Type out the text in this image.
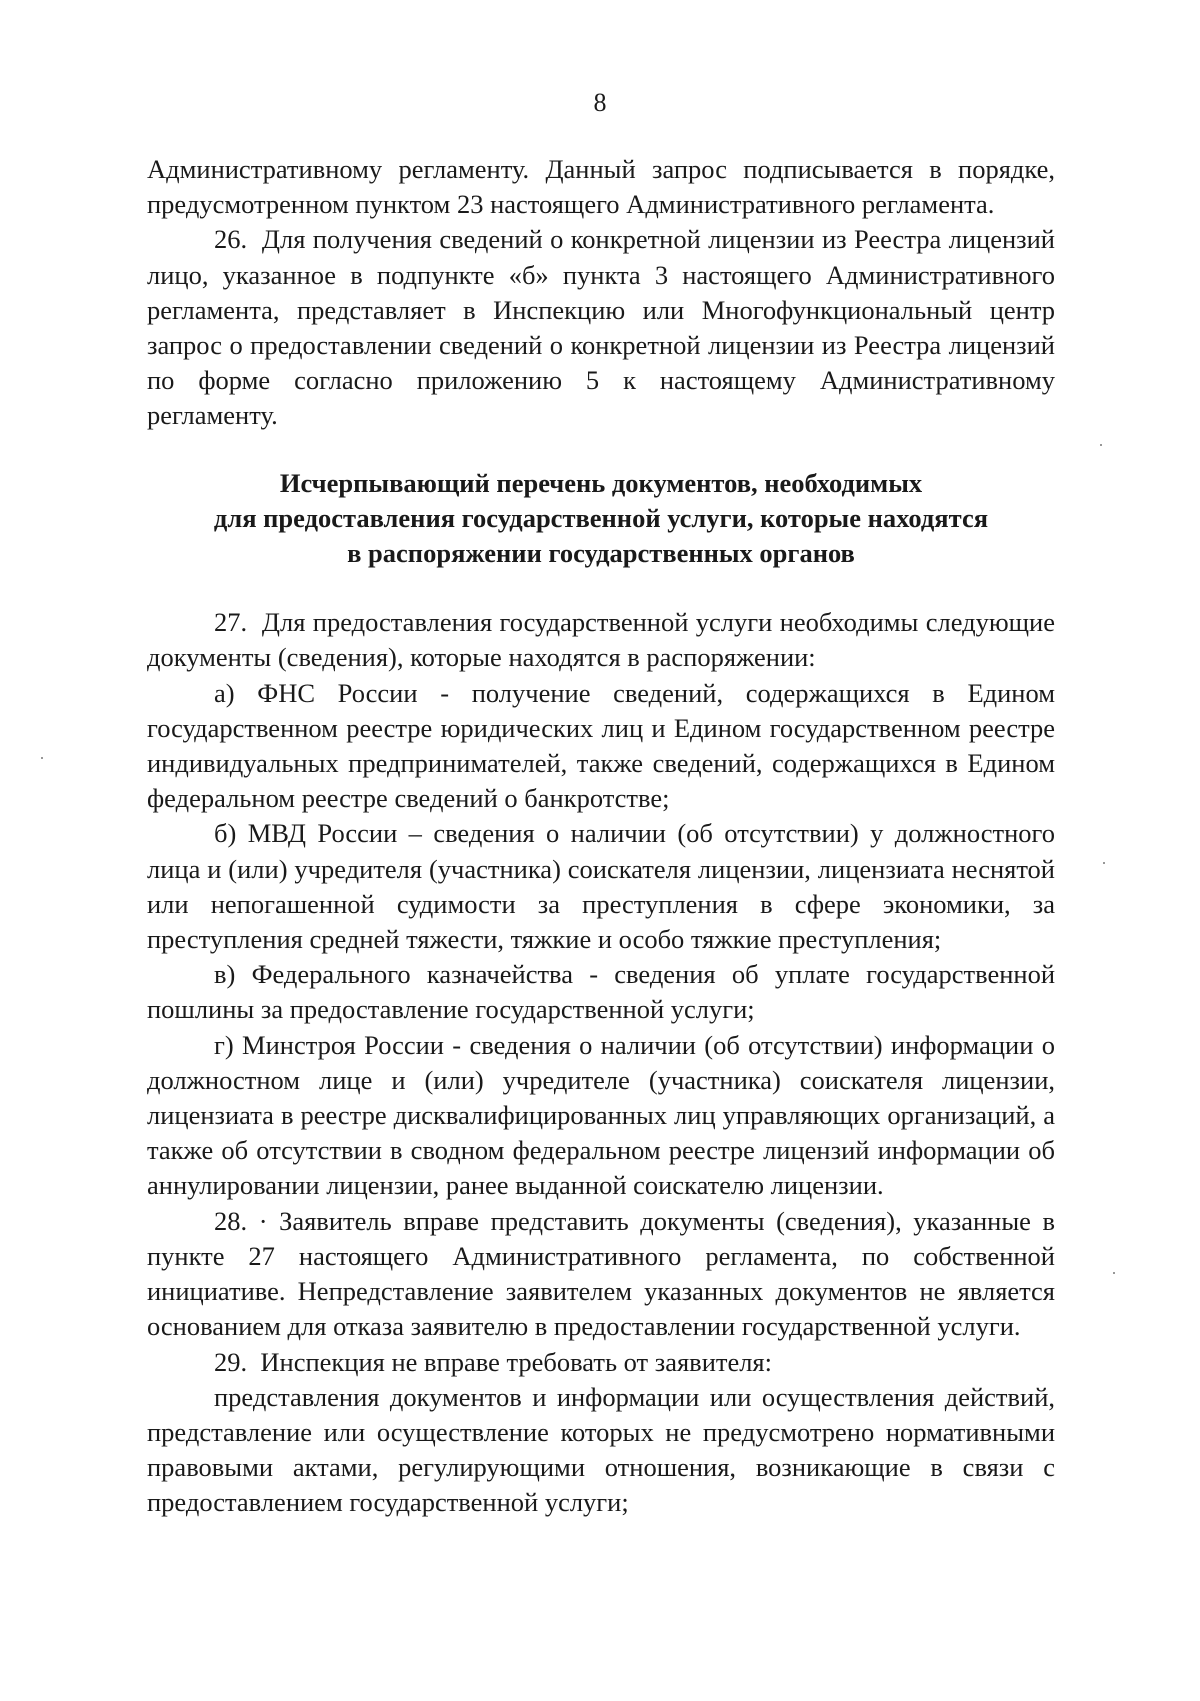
8

Административному регламенту. Данный запрос подписывается в порядке, предусмотренном пунктом 23 настоящего Административного регламента.

26.  Для получения сведений о конкретной лицензии из Реестра лицензий лицо, указанное в подпункте «б» пункта 3 настоящего Административного регламента, представляет в Инспекцию или Многофункциональный центр запрос о предоставлении сведений о конкретной лицензии из Реестра лицензий по форме согласно приложению 5 к настоящему Административному регламенту.

Исчерпывающий перечень документов, необходимых
для предоставления государственной услуги, которые находятся
в распоряжении государственных органов

27.  Для предоставления государственной услуги необходимы следующие документы (сведения), которые находятся в распоряжении:

а) ФНС России - получение сведений, содержащихся в Едином государственном реестре юридических лиц и Едином государственном реестре индивидуальных предпринимателей, также сведений, содержащихся в Едином федеральном реестре сведений о банкротстве;

б) МВД России – сведения о наличии (об отсутствии) у должностного лица и (или) учредителя (участника) соискателя лицензии, лицензиата неснятой или непогашенной судимости за преступления в сфере экономики, за преступления средней тяжести, тяжкие и особо тяжкие преступления;

в) Федерального казначейства - сведения об уплате государственной пошлины за предоставление государственной услуги;

г) Минстроя России - сведения о наличии (об отсутствии) информации о должностном лице и (или) учредителе (участника) соискателя лицензии, лицензиата в реестре дисквалифицированных лиц управляющих организаций, а также об отсутствии в сводном федеральном реестре лицензий информации об аннулировании лицензии, ранее выданной соискателю лицензии.

28. · Заявитель вправе представить документы (сведения), указанные в пункте 27 настоящего Административного регламента, по собственной инициативе. Непредставление заявителем указанных документов не является основанием для отказа заявителю в предоставлении государственной услуги.

29.  Инспекция не вправе требовать от заявителя:

представления документов и информации или осуществления действий, представление или осуществление которых не предусмотрено нормативными правовыми актами, регулирующими отношения, возникающие в связи с предоставлением государственной услуги;
